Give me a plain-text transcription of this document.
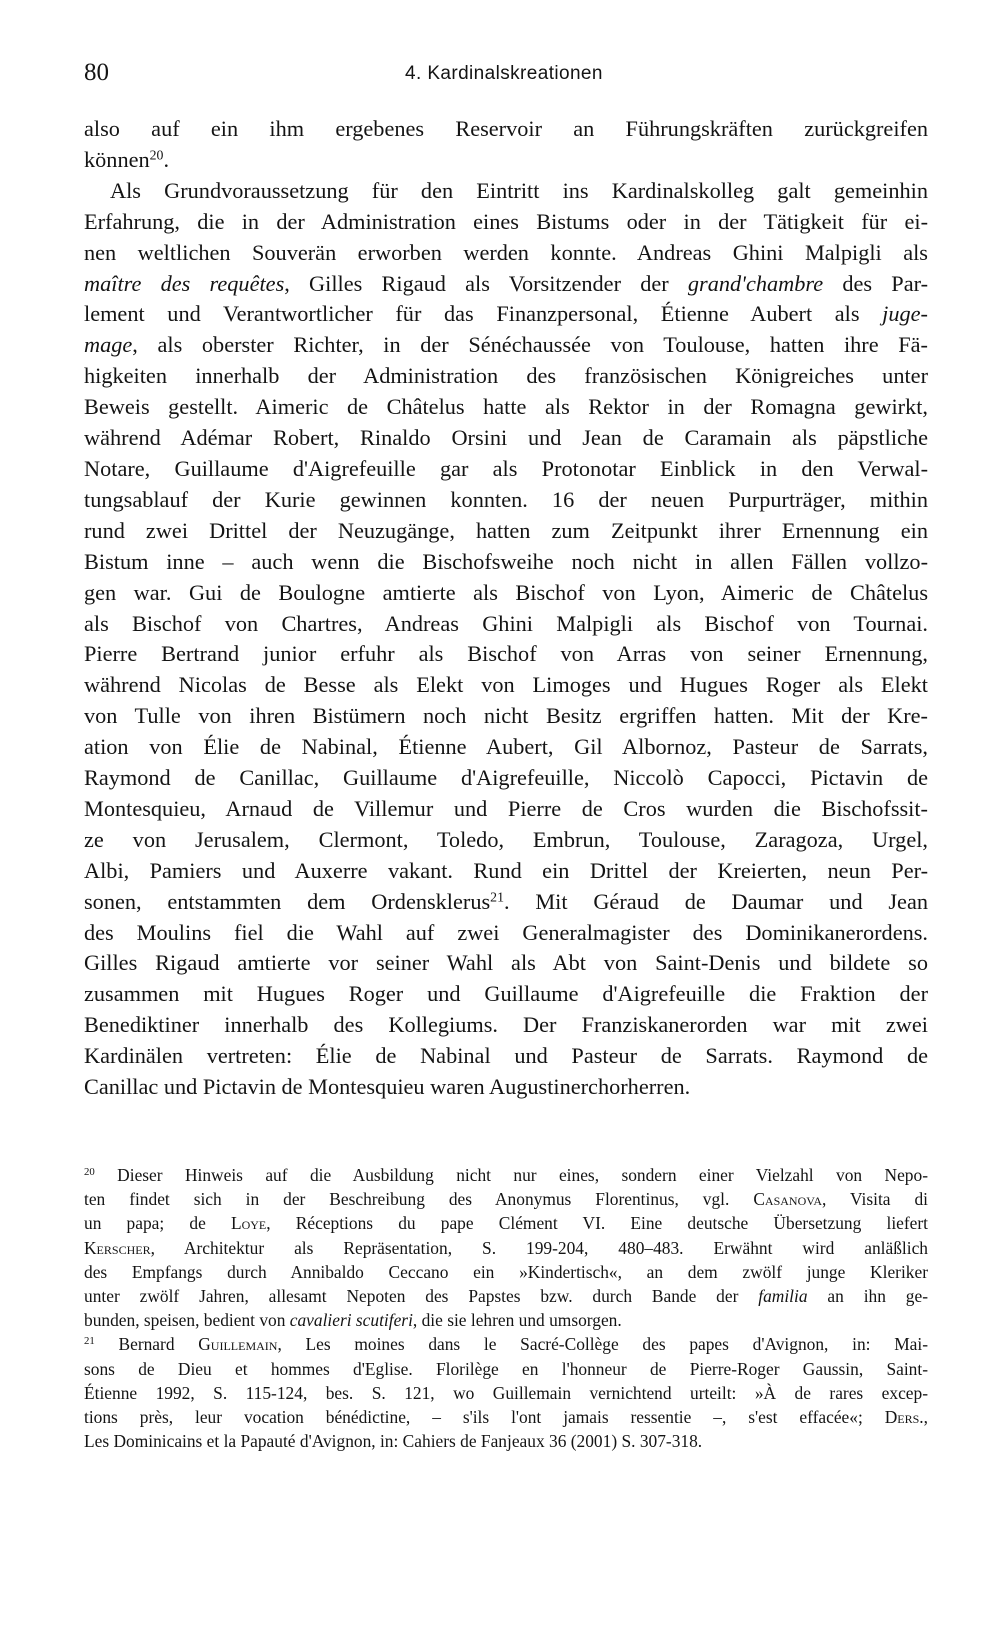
80	4. Kardinalskreationen
also auf ein ihm ergebenes Reservoir an Führungskräften zurückgreifen
können$^{20}$.
Als Grundvoraussetzung für den Eintritt ins Kardinalskolleg galt gemeinhin
Erfahrung, die in der Administration eines Bistums oder in der Tätigkeit für ei-
nen weltlichen Souverän erworben werden konnte. Andreas Ghini Malpigli als
maître des requêtes, Gilles Rigaud als Vorsitzender der grand'chambre des Par-
lement und Verantwortlicher für das Finanzpersonal, Étienne Aubert als juge-
mage, als oberster Richter, in der Sénéchaussée von Toulouse, hatten ihre Fä-
higkeiten innerhalb der Administration des französischen Königreiches unter
Beweis gestellt. Aimeric de Châtelus hatte als Rektor in der Romagna gewirkt,
während Adémar Robert, Rinaldo Orsini und Jean de Caramain als päpstliche
Notare, Guillaume d'Aigrefeuille gar als Protonotar Einblick in den Verwal-
tungsablauf der Kurie gewinnen konnten. 16 der neuen Purpurträger, mithin
rund zwei Drittel der Neuzugänge, hatten zum Zeitpunkt ihrer Ernennung ein
Bistum inne – auch wenn die Bischofsweihe noch nicht in allen Fällen vollzo-
gen war. Gui de Boulogne amtierte als Bischof von Lyon, Aimeric de Châtelus
als Bischof von Chartres, Andreas Ghini Malpigli als Bischof von Tournai.
Pierre Bertrand junior erfuhr als Bischof von Arras von seiner Ernennung,
während Nicolas de Besse als Elekt von Limoges und Hugues Roger als Elekt
von Tulle von ihren Bistümern noch nicht Besitz ergriffen hatten. Mit der Kre-
ation von Élie de Nabinal, Étienne Aubert, Gil Albornoz, Pasteur de Sarrats,
Raymond de Canillac, Guillaume d'Aigrefeuille, Niccolò Capocci, Pictavin de
Montesquieu, Arnaud de Villemur und Pierre de Cros wurden die Bischofssit-
ze von Jerusalem, Clermont, Toledo, Embrun, Toulouse, Zaragoza, Urgel,
Albi, Pamiers und Auxerre vakant. Rund ein Drittel der Kreierten, neun Per-
sonen, entstammten dem Ordensklerus$^{21}$. Mit Géraud de Daumar und Jean
des Moulins fiel die Wahl auf zwei Generalmagister des Dominikanerordens.
Gilles Rigaud amtierte vor seiner Wahl als Abt von Saint-Denis und bildete so
zusammen mit Hugues Roger und Guillaume d'Aigrefeuille die Fraktion der
Benediktiner innerhalb des Kollegiums. Der Franziskanerorden war mit zwei
Kardinälen vertreten: Élie de Nabinal und Pasteur de Sarrats. Raymond de
Canillac und Pictavin de Montesquieu waren Augustinerchorherren.
$^{20}$ Dieser Hinweis auf die Ausbildung nicht nur eines, sondern einer Vielzahl von Nepo-
ten findet sich in der Beschreibung des Anonymus Florentinus, vgl. Casanova, Visita di
un papa; de Loye, Réceptions du pape Clément VI. Eine deutsche Übersetzung liefert
Kerscher, Architektur als Repräsentation, S. 199-204, 480–483. Erwähnt wird anläßlich
des Empfangs durch Annibaldo Ceccano ein »Kindertisch«, an dem zwölf junge Kleriker
unter zwölf Jahren, allesamt Nepoten des Papstes bzw. durch Bande der familia an ihn ge-
bunden, speisen, bedient von cavalieri scutiferi, die sie lehren und umsorgen.
$^{21}$ Bernard Guillemain, Les moines dans le Sacré-Collège des papes d'Avignon, in: Mai-
sons de Dieu et hommes d'Eglise. Florilège en l'honneur de Pierre-Roger Gaussin, Saint-
Étienne 1992, S. 115-124, bes. S. 121, wo Guillemain vernichtend urteilt: »À de rares excep-
tions près, leur vocation bénédictine, – s'ils l'ont jamais ressentie –, s'est effacée«; Ders.,
Les Dominicains et la Papauté d'Avignon, in: Cahiers de Fanjeaux 36 (2001) S. 307-318.
